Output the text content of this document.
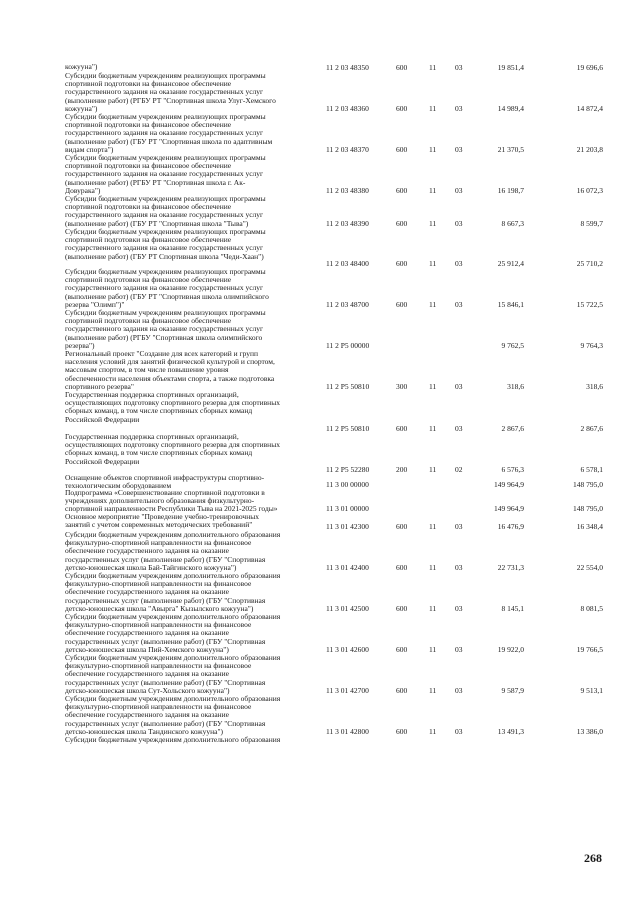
кожууна")
Субсидии бюджетным учреждениям реализующих программы
спортивной подготовки на финансовое обеспечение
государственного задания на оказание государственных услуг
(выполнение работ) (РГБУ РТ "Спортивная школа Улуг-Хемского
кожууна")
11 2 03 48350	600	11	03	19 851,4	19 696,6
Субсидии бюджетным учреждениям реализующих программы
спортивной подготовки на финансовое обеспечение
государственного задания на оказание государственных услуг
(выполнение работ) (ГБУ РТ "Спортивная школа по адаптивным
видам спорта")
11 2 03 48360	600	11	03	14 989,4	14 872,4
Субсидии бюджетным учреждениям реализующих программы
спортивной подготовки на финансовое обеспечение
государственного задания на оказание государственных услуг
(выполнение работ) (РГБУ РТ "Спортивная школа г. Ак-
Довурака")
11 2 03 48370	600	11	03	21 370,5	21 203,8
Субсидии бюджетным учреждениям реализующих программы
спортивной подготовки на финансовое обеспечение
государственного задания на оказание государственных услуг
(выполнение работ) (ГБУ РТ "Спортивная школа "Тыва")
11 2 03 48380	600	11	03	16 198,7	16 072,3
Субсидии бюджетным учреждениям реализующих программы
спортивной подготовки на финансовое обеспечение
государственного задания на оказание государственных услуг
(выполнение работ) (ГБУ РТ Спортивная школа "Чеди-Хаан")
11 2 03 48390	600	11	03	8 667,3	8 599,7
Субсидии бюджетным учреждениям реализующих программы
спортивной подготовки на финансовое обеспечение
государственного задания на оказание государственных услуг
(выполнение работ) (ГБУ РТ "Спортивная школа олимпийского
резерва "Олимп")"
11 2 03 48400	600	11	03	25 912,4	25 710,2
Субсидии бюджетным учреждениям реализующих программы
спортивной подготовки на финансовое обеспечение
государственного задания на оказание государственных услуг
(выполнение работ) (РГБУ "Спортивная школа олимпийского
резерва")
11 2 03 48700	600	11	03	15 846,1	15 722,5
Региональный проект "Создание для всех категорий и групп
населения условий для занятий физической культурой и спортом,
массовым спортом, в том числе повышение уровня
обеспеченности населения объектами спорта, а также подготовка
спортивного резерва"
11 2 Р5 00000	9 762,5	9 764,3
Государственная поддержка спортивных организаций,
осуществляющих подготовку спортивного резерва для спортивных
сборных команд, в том числе спортивных сборных команд
Российской Федерации
11 2 Р5 50810	300	11	03	318,6	318,6
Государственная поддержка спортивных организаций,
осуществляющих подготовку спортивного резерва для спортивных
сборных команд, в том числе спортивных сборных команд
Российской Федерации
11 2 Р5 50810	600	11	03	2 867,6	2 867,6
Оснащение объектов спортивной инфраструктуры спортивно-
технологическим оборудованием
11 2 Р5 52280	200	11	02	6 576,3	6 578,1
Подпрограмма «Совершенствование спортивной подготовки в
учреждениях дополнительного образования физкультурно-
спортивной направленности Республики Тыва на 2021-2025 годы»
11 3 00 00000	149 964,9	148 795,0
Основное мероприятие "Проведение учебно-тренировочных
занятий с учетом современных методических требований"
11 3 01 00000	149 964,9	148 795,0
Субсидии бюджетным учреждениям дополнительного образования
физкультурно-спортивной направленности на финансовое
обеспечение государственного задания на оказание
государственных услуг (выполнение работ) (ГБУ "Спортивная
детско-юношеская школа Бай-Тайгинского кожууна")
11 3 01 42300	600	11	03	16 476,9	16 348,4
Субсидии бюджетным учреждениям дополнительного образования
физкультурно-спортивной направленности на финансовое
обеспечение государственного задания на оказание
государственных услуг (выполнение работ) (ГБУ "Спортивная
детско-юношеская школа "Авырга" Кызылского кожууна")
11 3 01 42400	600	11	03	22 731,3	22 554,0
Субсидии бюджетным учреждениям дополнительного образования
физкультурно-спортивной направленности на финансовое
обеспечение государственного задания на оказание
государственных услуг (выполнение работ) (ГБУ "Спортивная
детско-юношеская школа Пий-Хемского кожууна")
11 3 01 42500	600	11	03	8 145,1	8 081,5
Субсидии бюджетным учреждениям дополнительного образования
физкультурно-спортивной направленности на финансовое
обеспечение государственного задания на оказание
государственных услуг (выполнение работ) (ГБУ "Спортивная
детско-юношеская школа Сут-Хольского кожууна")
11 3 01 42600	600	11	03	19 922,0	19 766,5
Субсидии бюджетным учреждениям дополнительного образования
физкультурно-спортивной направленности на финансовое
обеспечение государственного задания на оказание
государственных услуг (выполнение работ) (ГБУ "Спортивная
детско-юношеская школа Тандинского кожууна")
11 3 01 42700	600	11	03	9 587,9	9 513,1
Субсидии бюджетным учреждениям дополнительного образования
11 3 01 42800	600	11	03	13 491,3	13 386,0
268
